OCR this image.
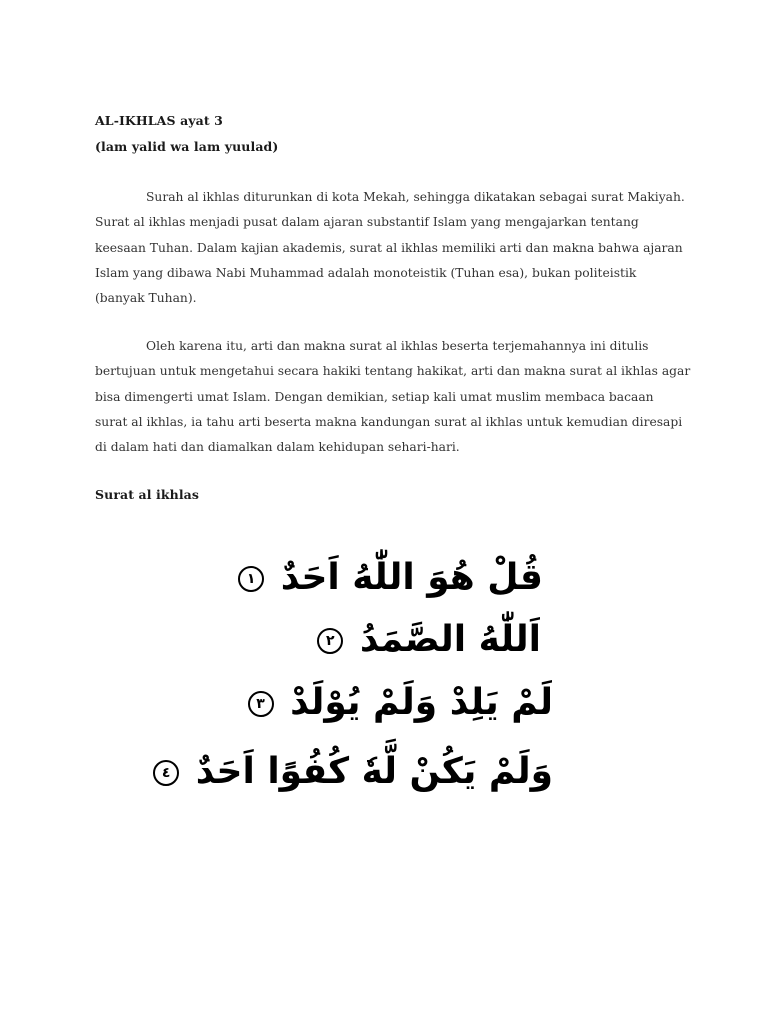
AL-IKHLAS ayat 3
(lam yalid wa lam yuulad)
Surah al ikhlas diturunkan di kota Mekah, sehingga dikatakan sebagai surat Makiyah.
Surat al ikhlas menjadi pusat dalam ajaran substantif Islam yang mengajarkan tentang
keesaan Tuhan. Dalam kajian akademis, surat al ikhlas memiliki arti dan makna bahwa ajaran
Islam yang dibawa Nabi Muhammad adalah monoteistik (Tuhan esa), bukan politeistik
(banyak Tuhan).
Oleh karena itu, arti dan makna surat al ikhlas beserta terjemahannya ini ditulis
bertujuan untuk mengetahui secara hakiki tentang hakikat, arti dan makna surat al ikhlas agar
bisa dimengerti umat Islam. Dengan demikian, setiap kali umat muslim membaca bacaan
surat al ikhlas, ia tahu arti beserta makna kandungan surat al ikhlas untuk kemudian diresapi
di dalam hati dan diamalkan dalam kehidupan sehari-hari.
Surat al ikhlas
قُلْ هُوَ اللّٰهُ اَحَدٌ ١
اَللّٰهُ الصَّمَدُ ٢
لَمْ يَلِدْ وَلَمْ يُوْلَدْ ٣
وَلَمْ يَكُنْ لَّهٗ كُفُوًا اَحَدٌ ٤
